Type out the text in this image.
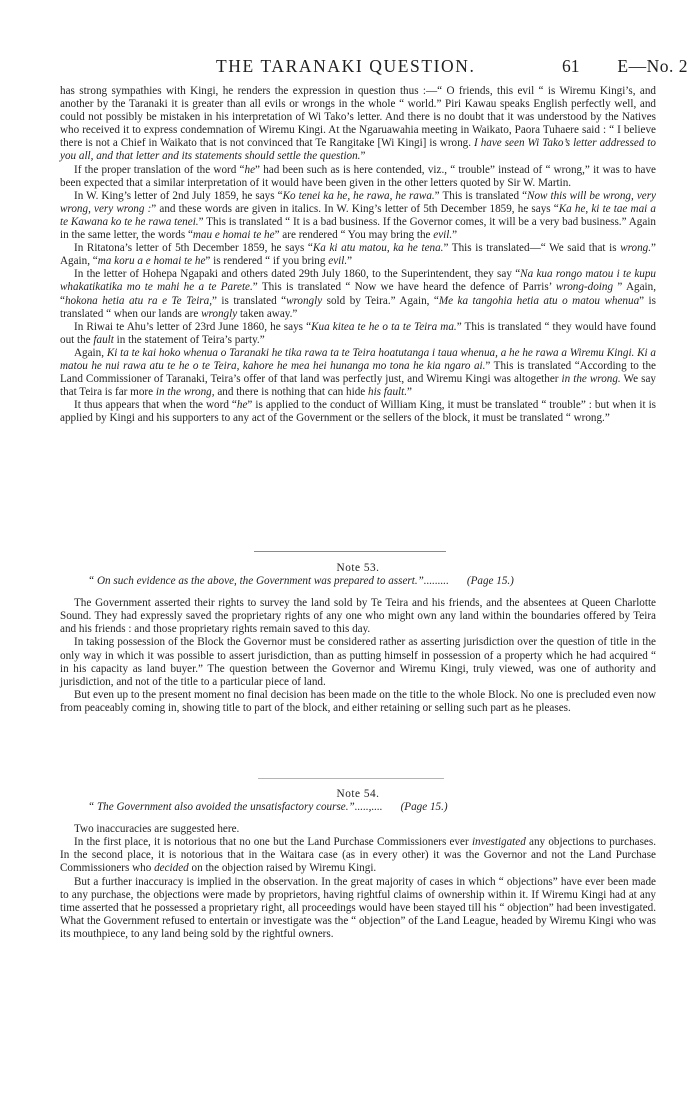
THE TARANAKI QUESTION.	61 E—No. 2

has strong sympathies with Kingi, he renders the expression in question thus :—“ O friends, this evil “ is Wiremu Kingi’s, and another by the Taranaki it is greater than all evils or wrongs in the whole “ world.” Piri Kawau speaks English perfectly well, and could not possibly be mistaken in his interpretation of Wi Tako’s letter. And there is no doubt that it was understood by the Natives who received it to express condemnation of Wiremu Kingi. At the Ngaruawahia meeting in Waikato, Paora Tuhaere said : “ I believe there is not a Chief in Waikato that is not convinced that Te Rangitake [Wi Kingi] is wrong. I have seen Wi Tako’s letter addressed to you all, and that letter and its statements should settle the question.”

If the proper translation of the word “he” had been such as is here contended, viz., “ trouble” instead of “ wrong,” it was to have been expected that a similar interpretation of it would have been given in the other letters quoted by Sir W. Martin.

In W. King’s letter of 2nd July 1859, he says “Ko tenei ka he, he rawa, he rawa.” This is translated “Now this will be wrong, very wrong, very wrong :” and these words are given in italics. In W. King’s letter of 5th December 1859, he says “Ka he, ki te tae mai a te Kawana ko te he rawa tenei.” This is translated “ It is a bad business. If the Governor comes, it will be a very bad business.” Again in the same letter, the words “mau e homai te he” are rendered “ You may bring the evil.”

In Ritatona’s letter of 5th December 1859, he says “Ka ki atu matou, ka he tena.” This is translated—“ We said that is wrong.” Again, “ma koru a e homai te he” is rendered “ if you bring evil.”

In the letter of Hohepa Ngapaki and others dated 29th July 1860, to the Superintendent, they say “Na kua rongo matou i te kupu whakatikatika mo te mahi he a te Parete.” This is translated “ Now we have heard the defence of Parris’ wrong-doing ” Again, “hokona hetia atu ra e Te Teira,” is translated “wrongly sold by Teira.” Again, “Me ka tangohia hetia atu o matou whenua” is translated “ when our lands are wrongly taken away.”

In Riwai te Ahu’s letter of 23rd June 1860, he says “Kua kitea te he o ta te Teira ma.” This is translated “ they would have found out the fault in the statement of Teira’s party.”

Again, Ki ta te kai hoko whenua o Taranaki he tika rawa ta te Teira hoatutanga i taua whenua, a he he rawa a Wiremu Kingi. Ki a matou he nui rawa atu te he o te Teira, kahore he mea hei hunanga mo tona he kia ngaro ai.” This is translated “According to the Land Commissioner of Taranaki, Teira’s offer of that land was perfectly just, and Wiremu Kingi was altogether in the wrong. We say that Teira is far more in the wrong, and there is nothing that can hide his fault.”

It thus appears that when the word “he” is applied to the conduct of William King, it must be translated “ trouble” : but when it is applied by Kingi and his supporters to any act of the Government or the sellers of the block, it must be translated “ wrong.”

Note 53.

“ On such evidence as the above, the Government was prepared to assert.”......... (Page 15.)

The Government asserted their rights to survey the land sold by Te Teira and his friends, and the absentees at Queen Charlotte Sound. They had expressly saved the proprietary rights of any one who might own any land within the boundaries offered by Teira and his friends : and those proprietary rights remain saved to this day.

In taking possession of the Block the Governor must be considered rather as asserting jurisdiction over the question of title in the only way in which it was possible to assert jurisdiction, than as putting himself in possession of a property which he had acquired “ in his capacity as land buyer.” The question between the Governor and Wiremu Kingi, truly viewed, was one of authority and jurisdiction, and not of the title to a particular piece of land.

But even up to the present moment no final decision has been made on the title to the whole Block. No one is precluded even now from peaceably coming in, showing title to part of the block, and either retaining or selling such part as he pleases.

Note 54.

“ The Government also avoided the unsatisfactory course.”.....,.... (Page 15.)

Two inaccuracies are suggested here.

In the first place, it is notorious that no one but the Land Purchase Commissioners ever investigated any objections to purchases. In the second place, it is notorious that in the Waitara case (as in every other) it was the Governor and not the Land Purchase Commissioners who decided on the objection raised by Wiremu Kingi.

But a further inaccuracy is implied in the observation. In the great majority of cases in which “ objections” have ever been made to any purchase, the objections were made by proprietors, having rightful claims of ownership within it. If Wiremu Kingi had at any time asserted that he possessed a proprietary right, all proceedings would have been stayed till his “ objection” had been investigated. What the Government refused to entertain or investigate was the “ objection” of the Land League, headed by Wiremu Kingi who was its mouthpiece, to any land being sold by the rightful owners.
